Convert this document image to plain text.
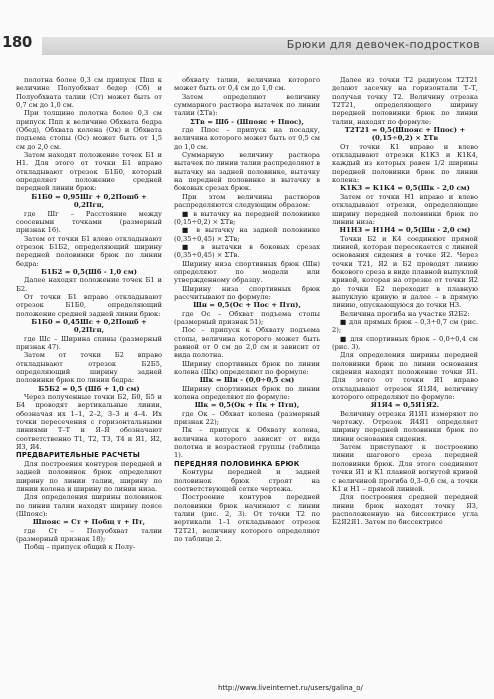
180	Брюки для девочек-подростков

полотна более 0,3 см припуск Ппп к величине Полуобхват бедер (Сб) и Полуобхвата талии (Ст) может быть от 0,7 см до 1,0 см.

При толщине полотна более 0,3 см припуск Ппп к величине Обхвата бедра (Обед), Обхвата колена (Ок) и Обхвата подъема стопы (Ос) может быть от 1,5 см до 2,0 см.

Затем находят положение точек Б1 и Н1. Для этого от точки Б1 вправо откладывают отрезок Б1Б0, который определяет положение средней передней линии брюк:

Б1Б0 = 0,95Шг + 0,2Пошб + 0,2Пгп,

где Шг – Расстояние между соосевыми точками (размерный признак 16).

Затем от точки Б1 влево откладывают отрезок Б1Б2, определяющий ширину передней половинки брюк по линии бедра:

Б1Б2 = 0,5(Шб - 1,0 см)

Далее находят положение точек Б1 и Б2.

От точки Б1 вправо откладывают отрезок Б1Б0, определяющий положение средней задней линии брюк:

Б1Б0 = 0,45Шс + 0,2Пошб + 0,2Пгп,

где Шс – Ширина спины (размерный признак 47).

Затем от точки Б2 вправо откладывают отрезок Б2Б5, определяющий ширину задней половинки брюк по линии бедра:

Б5Б2 = 0,5 (Шб + 1,0 см)

Через полученные точки Б2, Б0, Б5 и Б4 проводят вертикальные линии, обозначая их 1–1, 2–2, 3–3 и 4–4. Их точки пересечения с горизонтальными линиями Т–Т и Я–Я обозначают соответственно Т1, Т2, Т3, Т4 и Я1, Я2, Я3, Я4.

ПРЕДВАРИТЕЛЬНЫЕ РАСЧЕТЫ

Для построения контуров передней и задней половинок брюк определяют ширину по линии талии, ширину по линии колена и ширину по линии низа.

Для определения ширины половинок по линии талии находят ширину поясе (Шпояс):

Шпояс = Ст + Побщ т + Пт,

где Ст – Полуобхват талии (размерный признак 18);

Побщ – припуск общий к Полу-

обхвату талии, величина которого может быть от 0,4 см до 1,0 см.

Затем определяют величину суммарного раствора вытачек по линии талии (ΣТв):

ΣТв = Шб - (Шпояс + Ппос),

где Ппос – припуск на посадку, величина которого может быть от 0,5 см до 1,0 см.

Суммарную величину раствора вытачек по линии талии распределяют в вытачку на задней половинке, вытачку на передней половинке и вытачку в боковых срезах брюк.

При этом величины растворов распределяются следующим образом:

■ в вытачку на передней половинке (0,15÷0,2) × ΣТв;

■ в вытачку на задней половинке (0,35÷0,45) × ΣТв;

■ в вытачки в боковых срезах (0,35÷0,45) × ΣТв.

Ширину низа спортивных брюк (Шн) определяют по модели или утвержденному образцу.

Ширину низа спортивных брюк рассчитывают по формуле:

Шн = 0,5(Ос + Пос + Птп),

где Ос – Обхват подъема стопы (размерный признак 51);

Пос – припуск к Обхвату подъема стопы, величина которого может быть равной от 0 см до 2,0 см и зависит от вида полотна.

Ширину спортивных брюк по линии колена (Шк) определяют по формуле:

Шк = Шн - (0,0÷0,5 см)

Ширину спортивных брюк по линии колена определяют по формуле:

Шк = 0,5(Ок + Пк + Птп),

где Ок – Обхват колена (размерный признак 22);

Пк – припуск к Обхвату колена, величина которого зависит от вида полотна и возрастной группы (таблица 1).

ПЕРЕДНЯЯ ПОЛОВИНКА БРЮК

Контуры передней и задней половинок брюк строят на соответствующей сетке чертежа.

Построение контуров передней половинки брюк начинают с линии талии (рис. 2, 3). От точки Т2 по вертикали 1–1 откладывают отрезок Т2Т21, величину которого определяют по таблице 2.

Далее из точки Т2 радиусом Т2Т21 делают засечку на горизонтали Т–Т, получая точку Т2. Величину отрезка Т2Т21, определяющего ширину передней половинки брюк по линии талии, находят по формуле:

Т2Т21 = 0,5(Шпояс + Ппос) + (0,15÷0,2) × ΣТв

От точки К1 вправо и влево откладывают отрезки К1К3 и К1К4, каждый из которых равен 1/2 ширины передней половинки брюк по линии колена:

К1К3 = К1К4 = 0,5(Шк - 2,0 см)

Затем от точки Н1 вправо и влево откладывают отрезки, определяющие ширину передней половинки брюк по линии низа:

Н1Н3 = Н1Н4 = 0,5(Шн - 2,0 см)

Точки Б2 и К4 соединяют прямой линией, которая пересекается с линией основания сидения в точке Я2. Через точки Т21, Я2 и Б2 проводят линию бокового среза в виде плавной выпуклой кривой, которая на отрезке от точки Я2 до точки Б2 переходит в плавную выпуклую кривую и далее – в прямую линию, опускающуюся до точки Н3.

Величина прогиба на участке Я2Б2:

■ для прямых брюк – 0,3÷0,7 см (рис. 2);

■ для спортивных брюк – 0,0÷0,4 см (рис. 3).

Для определения ширины передней половинки брюк по линии основания сидения находят положение точки Я1. Для этого от точки Я1 вправо откладывают отрезок Я1Я4, величину которого определяют по формуле:

Я1Я4 = 0,5Я1Я2.

Величину отрезка Я1Я1 измеряют по чертежу. Отрезок Я4Я1 определяет ширину передней половинки брюк по линии основания сидения.

Затем приступают к построению линии шагового среза передней половинки брюк. Для этого соединяют точки Я1 и К1 плавной вогнутой кривой с величиной прогиба 0,3–0,6 см, а точки К1 и Н1 – прямой линией.

Для построения средней передней линии брюк находят точку Я3, расположенную на биссектрисе угла Б2Я2Я1. Затем по биссектрисе

http://www.liveinternet.ru/users/galina_o/
